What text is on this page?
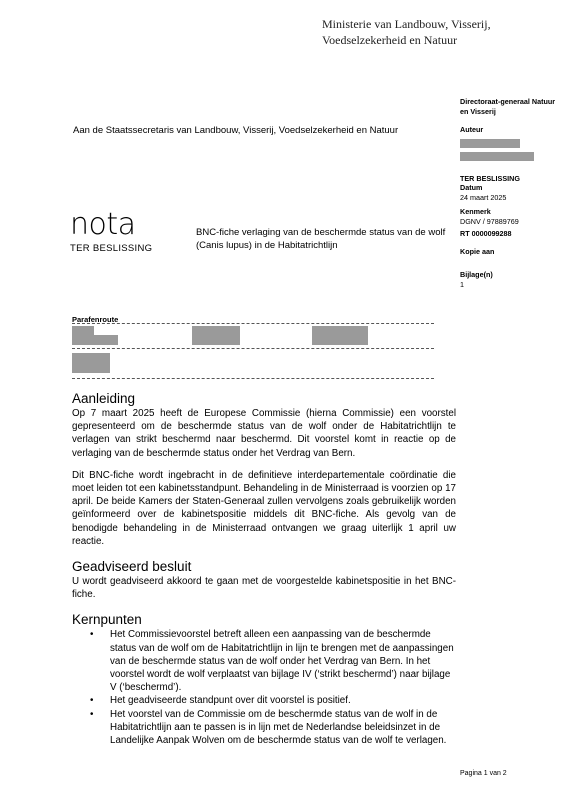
Ministerie van Landbouw, Visserij,
Voedselzekerheid en Natuur
Aan de Staatssecretaris van Landbouw, Visserij, Voedselzekerheid en Natuur
Directoraat-generaal Natuur
en Visserij
Auteur
TER BESLISSING
Datum
24 maart 2025
Kenmerk
DGNV / 97889769
RT 0000099288
Kopie aan
Bijlage(n)
1
nota
TER BESLISSING
BNC-fiche verlaging van de beschermde status van de wolf (Canis lupus) in de Habitatrichtlijn
Parafenroute
Aanleiding
Op 7 maart 2025 heeft de Europese Commissie (hierna Commissie) een voorstel gepresenteerd om de beschermde status van de wolf onder de Habitatrichtlijn te verlagen van strikt beschermd naar beschermd. Dit voorstel komt in reactie op de verlaging van de beschermde status onder het Verdrag van Bern.
Dit BNC-fiche wordt ingebracht in de definitieve interdepartementale coördinatie die moet leiden tot een kabinetsstandpunt. Behandeling in de Ministerraad is voorzien op 17 april. De beide Kamers der Staten-Generaal zullen vervolgens zoals gebruikelijk worden geïnformeerd over de kabinetspositie middels dit BNC-fiche. Als gevolg van de benodigde behandeling in de Ministerraad ontvangen we graag uiterlijk 1 april uw reactie.
Geadviseerd besluit
U wordt geadviseerd akkoord te gaan met de voorgestelde kabinetspositie in het BNC-fiche.
Kernpunten
• Het Commissievoorstel betreft alleen een aanpassing van de beschermde status van de wolf om de Habitatrichtlijn in lijn te brengen met de aanpassingen van de beschermde status van de wolf onder het Verdrag van Bern. In het voorstel wordt de wolf verplaatst van bijlage IV (‘strikt beschermd’) naar bijlage V (‘beschermd’).
• Het geadviseerde standpunt over dit voorstel is positief.
• Het voorstel van de Commissie om de beschermde status van de wolf in de Habitatrichtlijn aan te passen is in lijn met de Nederlandse beleidsinzet in de Landelijke Aanpak Wolven om de beschermde status van de wolf te verlagen.
Pagina 1 van 2
